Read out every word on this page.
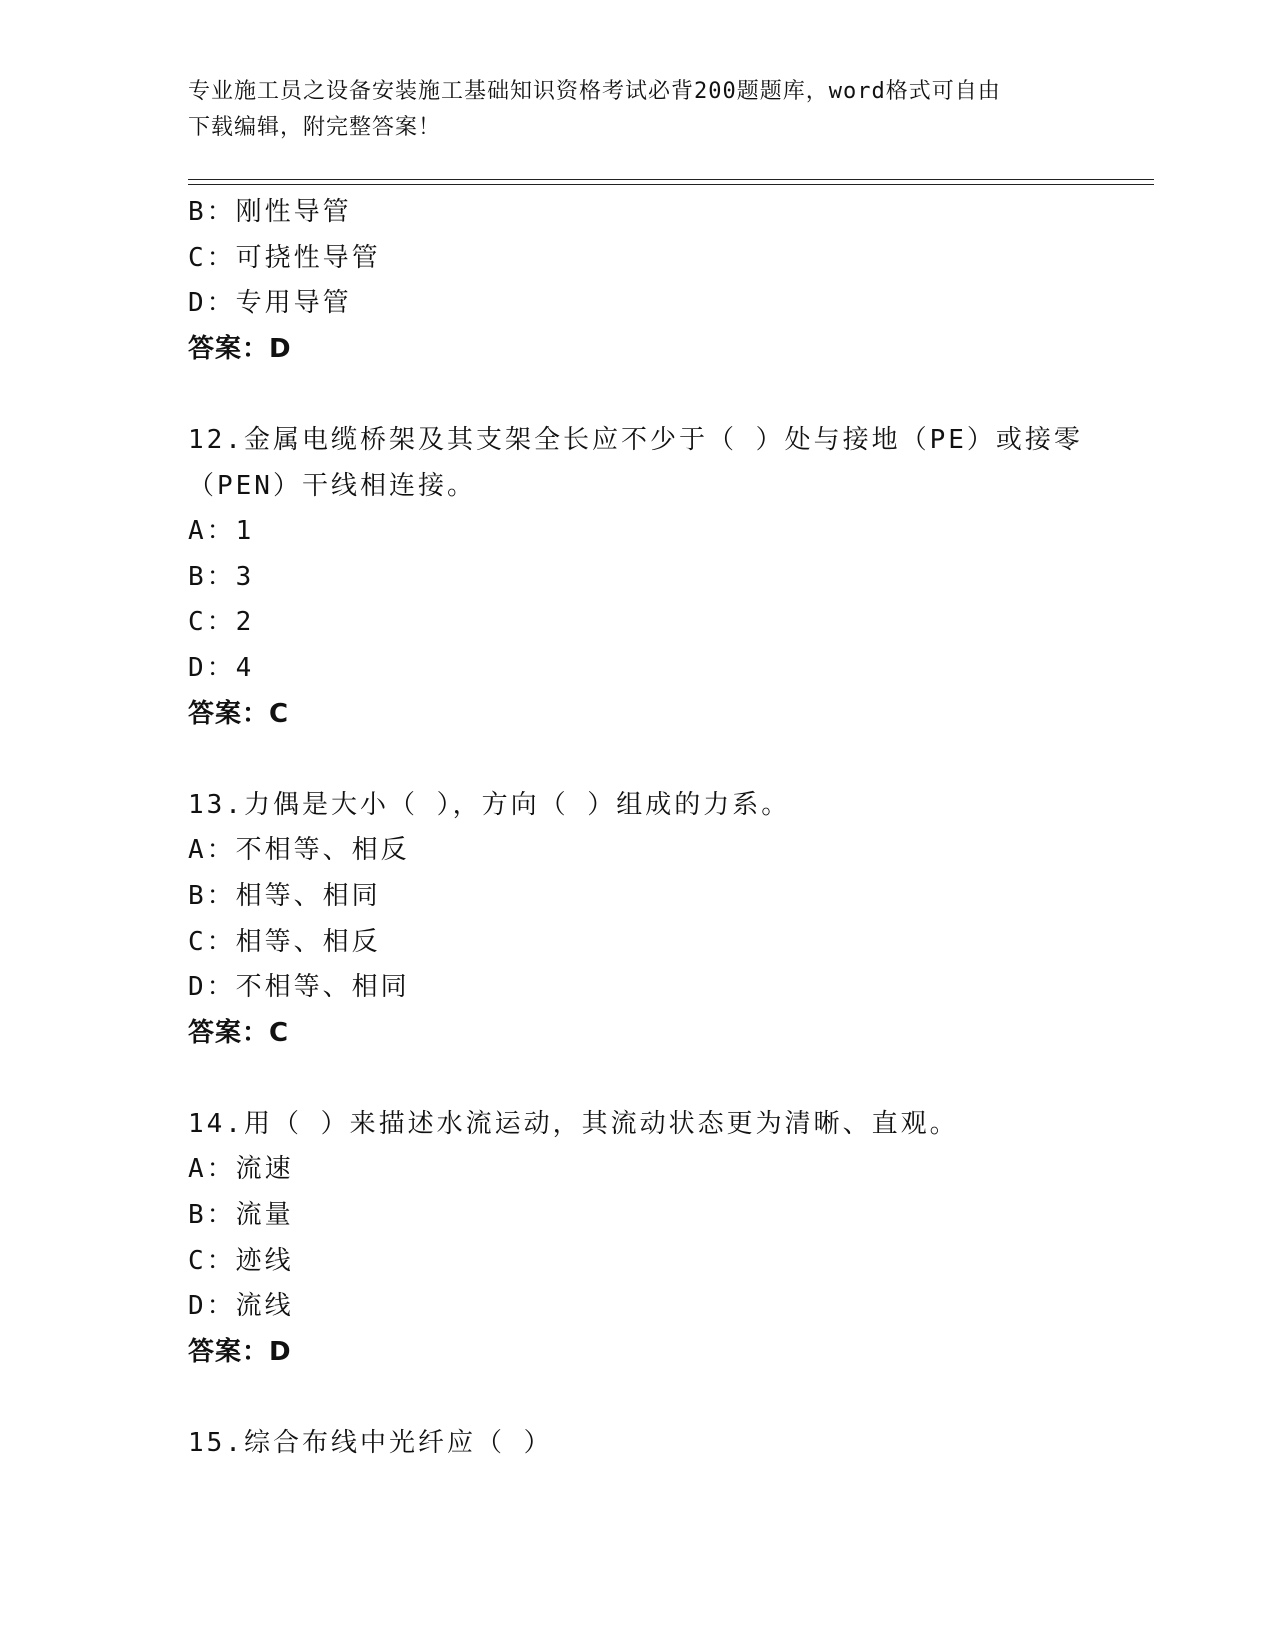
专业施工员之设备安装施工基础知识资格考试必背200题题库，word格式可自由
下载编辑，附完整答案！
B：刚性导管
C：可挠性导管
D：专用导管
答案：D
12.金属电缆桥架及其支架全长应不少于（ ）处与接地（PE）或接零
（PEN）干线相连接。
A：1
B：3
C：2
D：4
答案：C
13.力偶是大小（ ），方向（ ）组成的力系。
A：不相等、相反
B：相等、相同
C：相等、相反
D：不相等、相同
答案：C
14.用（ ）来描述水流运动，其流动状态更为清晰、直观。
A：流速
B：流量
C：迹线
D：流线
答案：D
15.综合布线中光纤应（ ）
